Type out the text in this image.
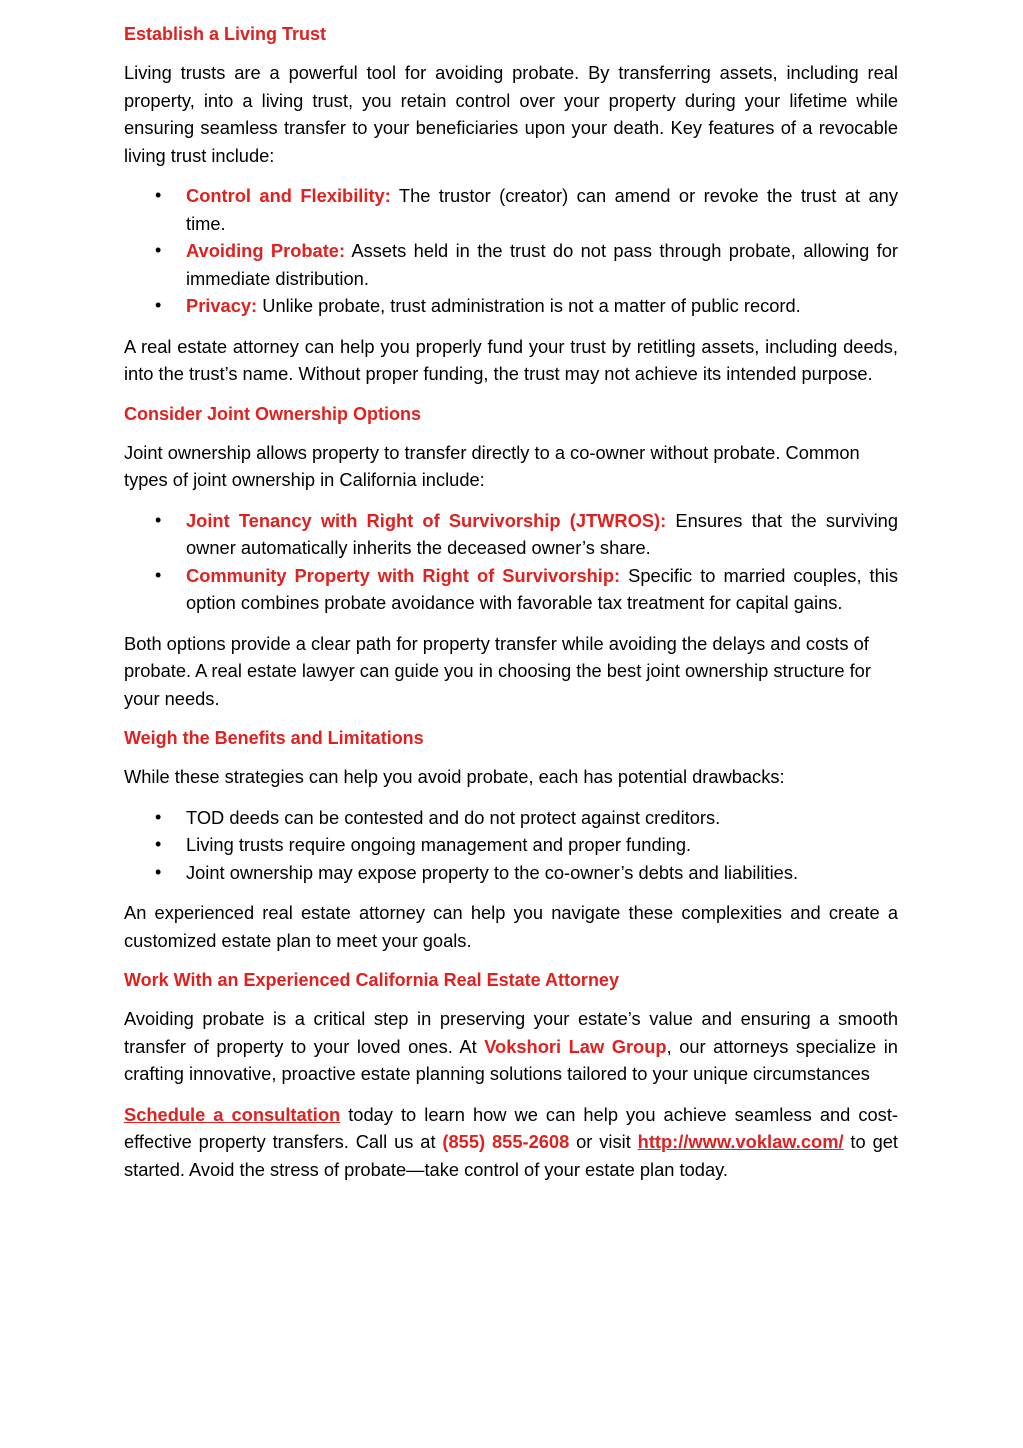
Establish a Living Trust

Living trusts are a powerful tool for avoiding probate. By transferring assets, including real property, into a living trust, you retain control over your property during your lifetime while ensuring seamless transfer to your beneficiaries upon your death. Key features of a revocable living trust include:

• Control and Flexibility: The trustor (creator) can amend or revoke the trust at any time.
• Avoiding Probate: Assets held in the trust do not pass through probate, allowing for immediate distribution.
• Privacy: Unlike probate, trust administration is not a matter of public record.

A real estate attorney can help you properly fund your trust by retitling assets, including deeds, into the trust’s name. Without proper funding, the trust may not achieve its intended purpose.

Consider Joint Ownership Options

Joint ownership allows property to transfer directly to a co-owner without probate. Common types of joint ownership in California include:

• Joint Tenancy with Right of Survivorship (JTWROS): Ensures that the surviving owner automatically inherits the deceased owner’s share.
• Community Property with Right of Survivorship: Specific to married couples, this option combines probate avoidance with favorable tax treatment for capital gains.

Both options provide a clear path for property transfer while avoiding the delays and costs of probate. A real estate lawyer can guide you in choosing the best joint ownership structure for your needs.

Weigh the Benefits and Limitations

While these strategies can help you avoid probate, each has potential drawbacks:

• TOD deeds can be contested and do not protect against creditors.
• Living trusts require ongoing management and proper funding.
• Joint ownership may expose property to the co-owner’s debts and liabilities.

An experienced real estate attorney can help you navigate these complexities and create a customized estate plan to meet your goals.

Work With an Experienced California Real Estate Attorney

Avoiding probate is a critical step in preserving your estate’s value and ensuring a smooth transfer of property to your loved ones. At Vokshori Law Group, our attorneys specialize in crafting innovative, proactive estate planning solutions tailored to your unique circumstances

Schedule a consultation today to learn how we can help you achieve seamless and cost-effective property transfers. Call us at (855) 855-2608 or visit http://www.voklaw.com/ to get started. Avoid the stress of probate—take control of your estate plan today.
